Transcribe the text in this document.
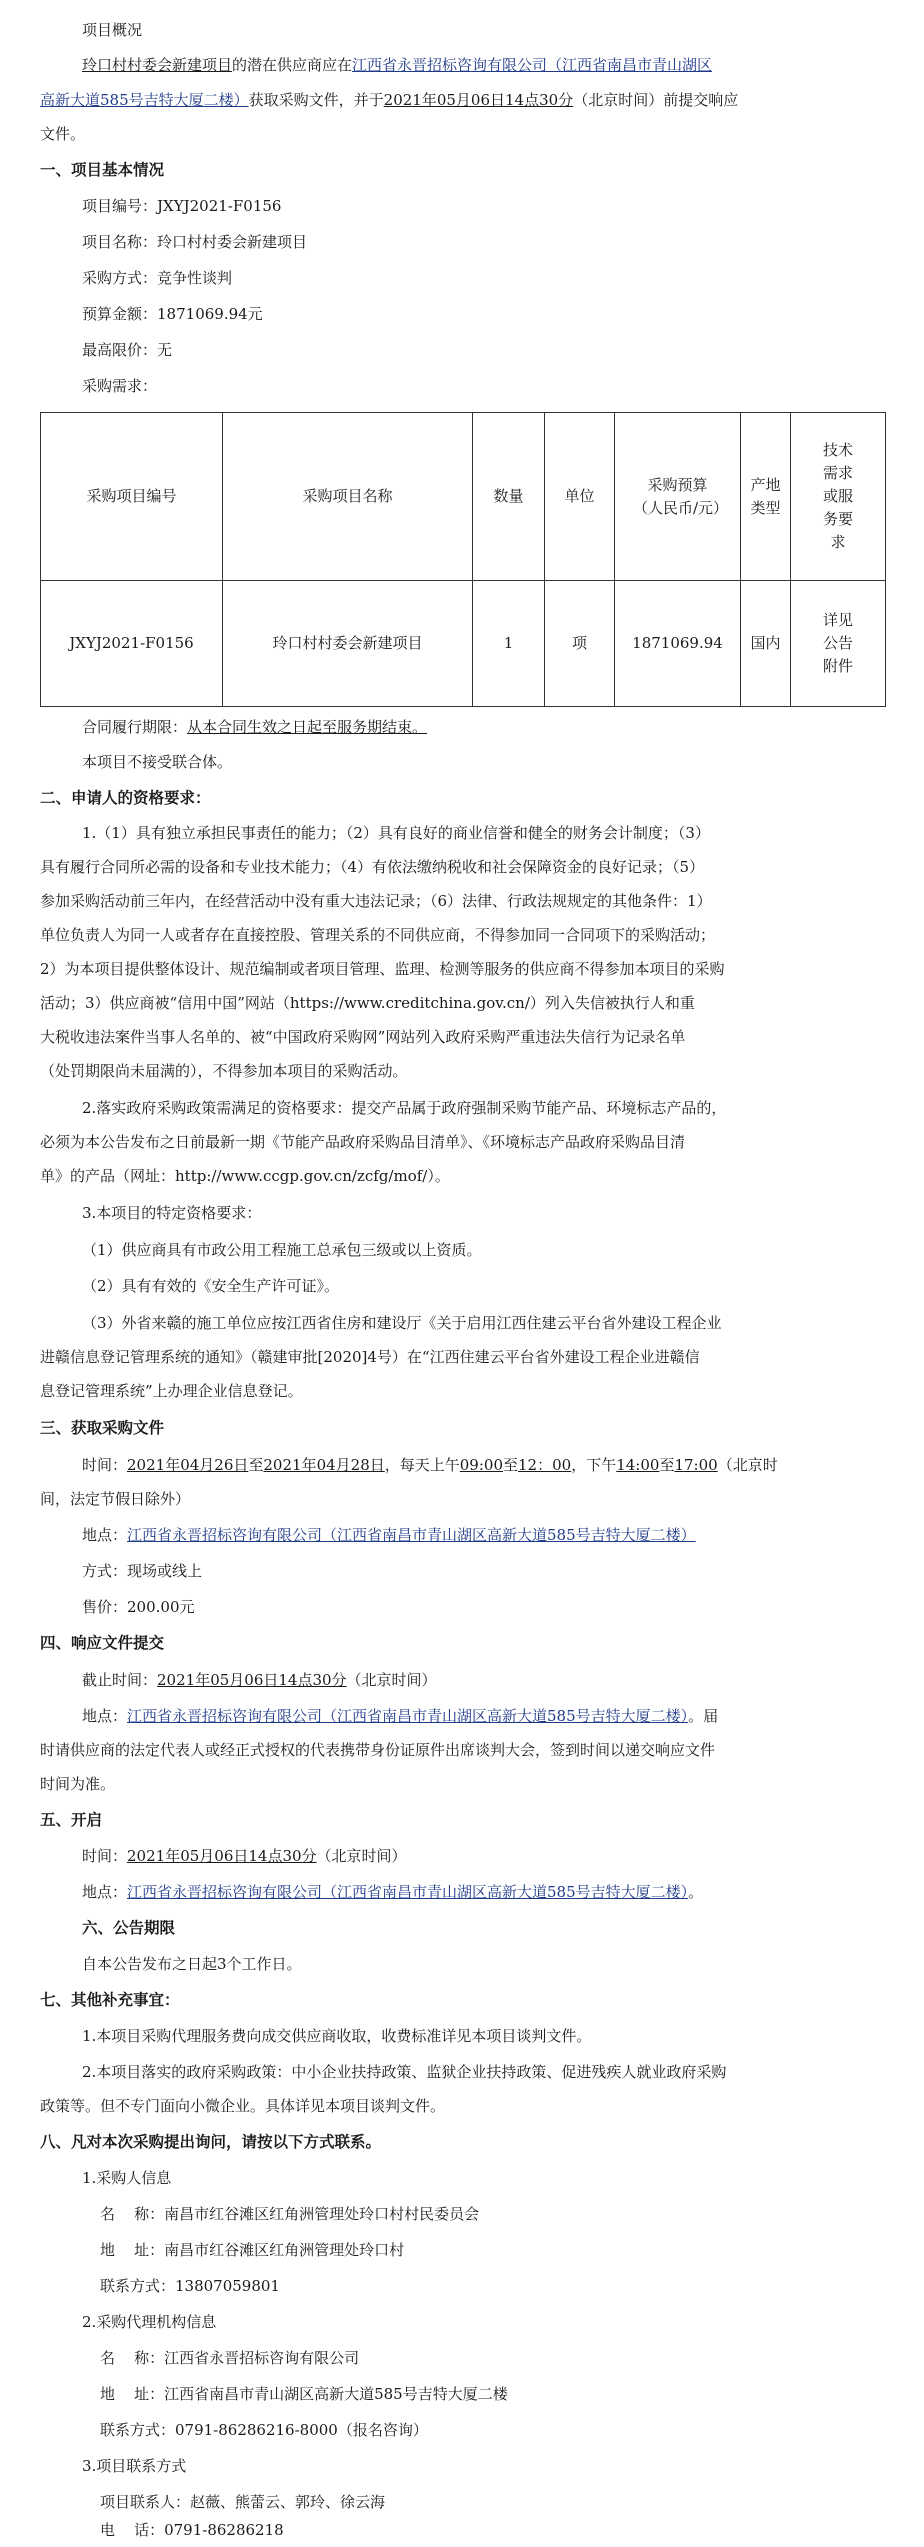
项目概况
玲口村村委会新建项目的潜在供应商应在江西省永晋招标咨询有限公司（江西省南昌市青山湖区
高新大道585号吉特大厦二楼）获取采购文件，并于2021年05月06日14点30分（北京时间）前提交响应
文件。
一、项目基本情况
项目编号：JXYJ2021-F0156
项目名称：玲口村村委会新建项目
采购方式：竞争性谈判
预算金额：1871069.94元
最高限价：无
采购需求：
采购项目编号	采购项目名称	数量	单位	采购预算（人民币/元）	产地类型	技术需求或服务要求
JXYJ2021-F0156	玲口村村委会新建项目	1	项	1871069.94	国内	详见公告附件
合同履行期限：从本合同生效之日起至服务期结束。
本项目不接受联合体。
二、申请人的资格要求：
1.（1）具有独立承担民事责任的能力；（2）具有良好的商业信誉和健全的财务会计制度；（3）
具有履行合同所必需的设备和专业技术能力；（4）有依法缴纳税收和社会保障资金的良好记录；（5）
参加采购活动前三年内，在经营活动中没有重大违法记录；（6）法律、行政法规规定的其他条件：1）
单位负责人为同一人或者存在直接控股、管理关系的不同供应商，不得参加同一合同项下的采购活动；
2）为本项目提供整体设计、规范编制或者项目管理、监理、检测等服务的供应商不得参加本项目的采购
活动；3）供应商被“信用中国”网站（https://www.creditchina.gov.cn/）列入失信被执行人和重
大税收违法案件当事人名单的、被“中国政府采购网”网站列入政府采购严重违法失信行为记录名单
（处罚期限尚未届满的），不得参加本项目的采购活动。
2.落实政府采购政策需满足的资格要求：提交产品属于政府强制采购节能产品、环境标志产品的，
必须为本公告发布之日前最新一期《节能产品政府采购品目清单》、《环境标志产品政府采购品目清
单》的产品（网址：http://www.ccgp.gov.cn/zcfg/mof/）。
3.本项目的特定资格要求：
（1）供应商具有市政公用工程施工总承包三级或以上资质。
（2）具有有效的《安全生产许可证》。
（3）外省来赣的施工单位应按江西省住房和建设厅《关于启用江西住建云平台省外建设工程企业
进赣信息登记管理系统的通知》（赣建审批[2020]4号）在“江西住建云平台省外建设工程企业进赣信
息登记管理系统”上办理企业信息登记。
三、获取采购文件
时间：2021年04月26日至2021年04月28日，每天上午09:00至12：00，下午14:00至17:00（北京时
间，法定节假日除外）
地点：江西省永晋招标咨询有限公司（江西省南昌市青山湖区高新大道585号吉特大厦二楼）
方式：现场或线上
售价：200.00元
四、响应文件提交
截止时间：2021年05月06日14点30分（北京时间）
地点：江西省永晋招标咨询有限公司（江西省南昌市青山湖区高新大道585号吉特大厦二楼）。届
时请供应商的法定代表人或经正式授权的代表携带身份证原件出席谈判大会，签到时间以递交响应文件
时间为准。
五、开启
时间：2021年05月06日14点30分（北京时间）
地点：江西省永晋招标咨询有限公司（江西省南昌市青山湖区高新大道585号吉特大厦二楼）。
六、公告期限
自本公告发布之日起3个工作日。
七、其他补充事宜：
1.本项目采购代理服务费向成交供应商收取，收费标准详见本项目谈判文件。
2.本项目落实的政府采购政策：中小企业扶持政策、监狱企业扶持政策、促进残疾人就业政府采购
政策等。但不专门面向小微企业。具体详见本项目谈判文件。
八、凡对本次采购提出询问，请按以下方式联系。
1.采购人信息
名    称：南昌市红谷滩区红角洲管理处玲口村村民委员会
地    址：南昌市红谷滩区红角洲管理处玲口村
联系方式：13807059801
2.采购代理机构信息
名    称：江西省永晋招标咨询有限公司
地    址：江西省南昌市青山湖区高新大道585号吉特大厦二楼
联系方式：0791-86286216-8000（报名咨询）
3.项目联系方式
项目联系人：赵薇、熊蕾云、郭玲、徐云海
电    话：0791-86286218
